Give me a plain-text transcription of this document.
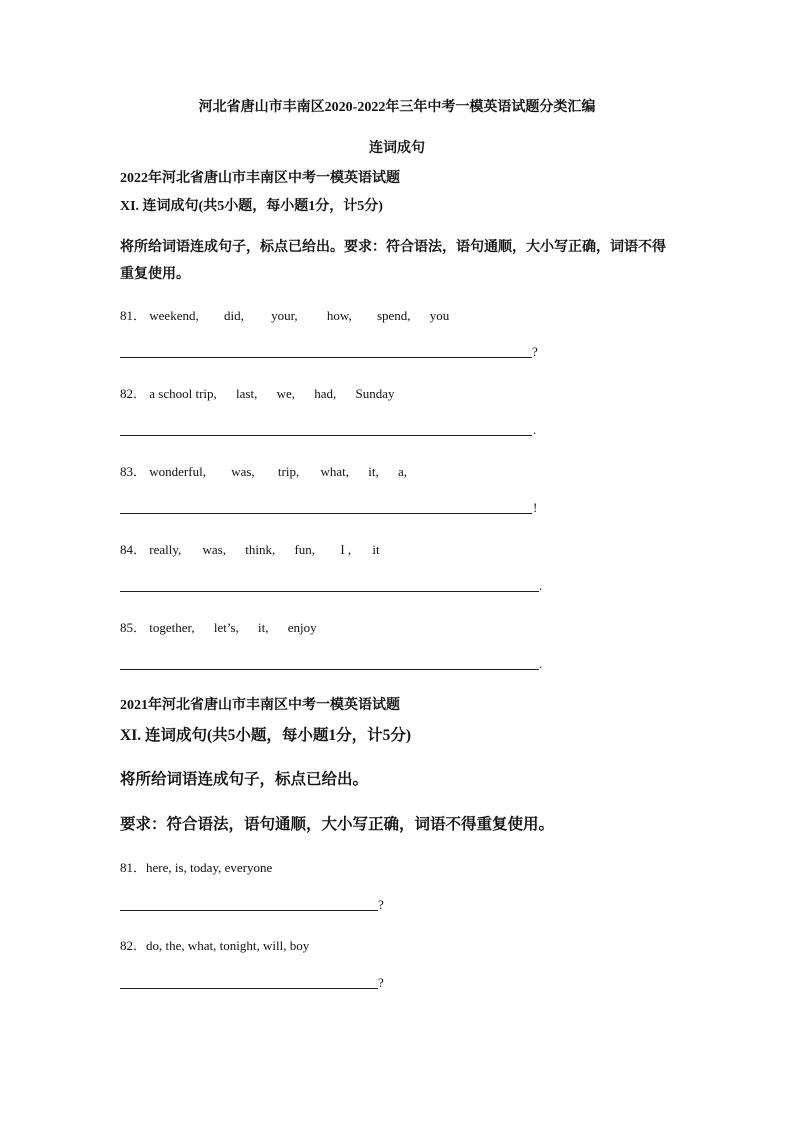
河北省唐山市丰南区2020-2022年三年中考一模英语试题分类汇编
连词成句
2022年河北省唐山市丰南区中考一模英语试题
XI. 连词成句(共5小题，每小题1分，计5分)
将所给词语连成句子，标点已给出。要求：符合语法，语句通顺，大小写正确，词语不得
重复使用。
81． weekend, did, your, how, spend, you
?
82． a school trip, last, we, had, Sunday
.
83． wonderful, was, trip, what, it, a,
!
84． really, was, think, fun, I , it
.
85． together, let’s, it, enjoy
.
2021年河北省唐山市丰南区中考一模英语试题
XI. 连词成句(共5小题，每小题1分，计5分)
将所给词语连成句子，标点已给出。
要求：符合语法，语句通顺，大小写正确，词语不得重复使用。
81．here, is, today, everyone
?
82．do, the, what, tonight, will, boy
?
